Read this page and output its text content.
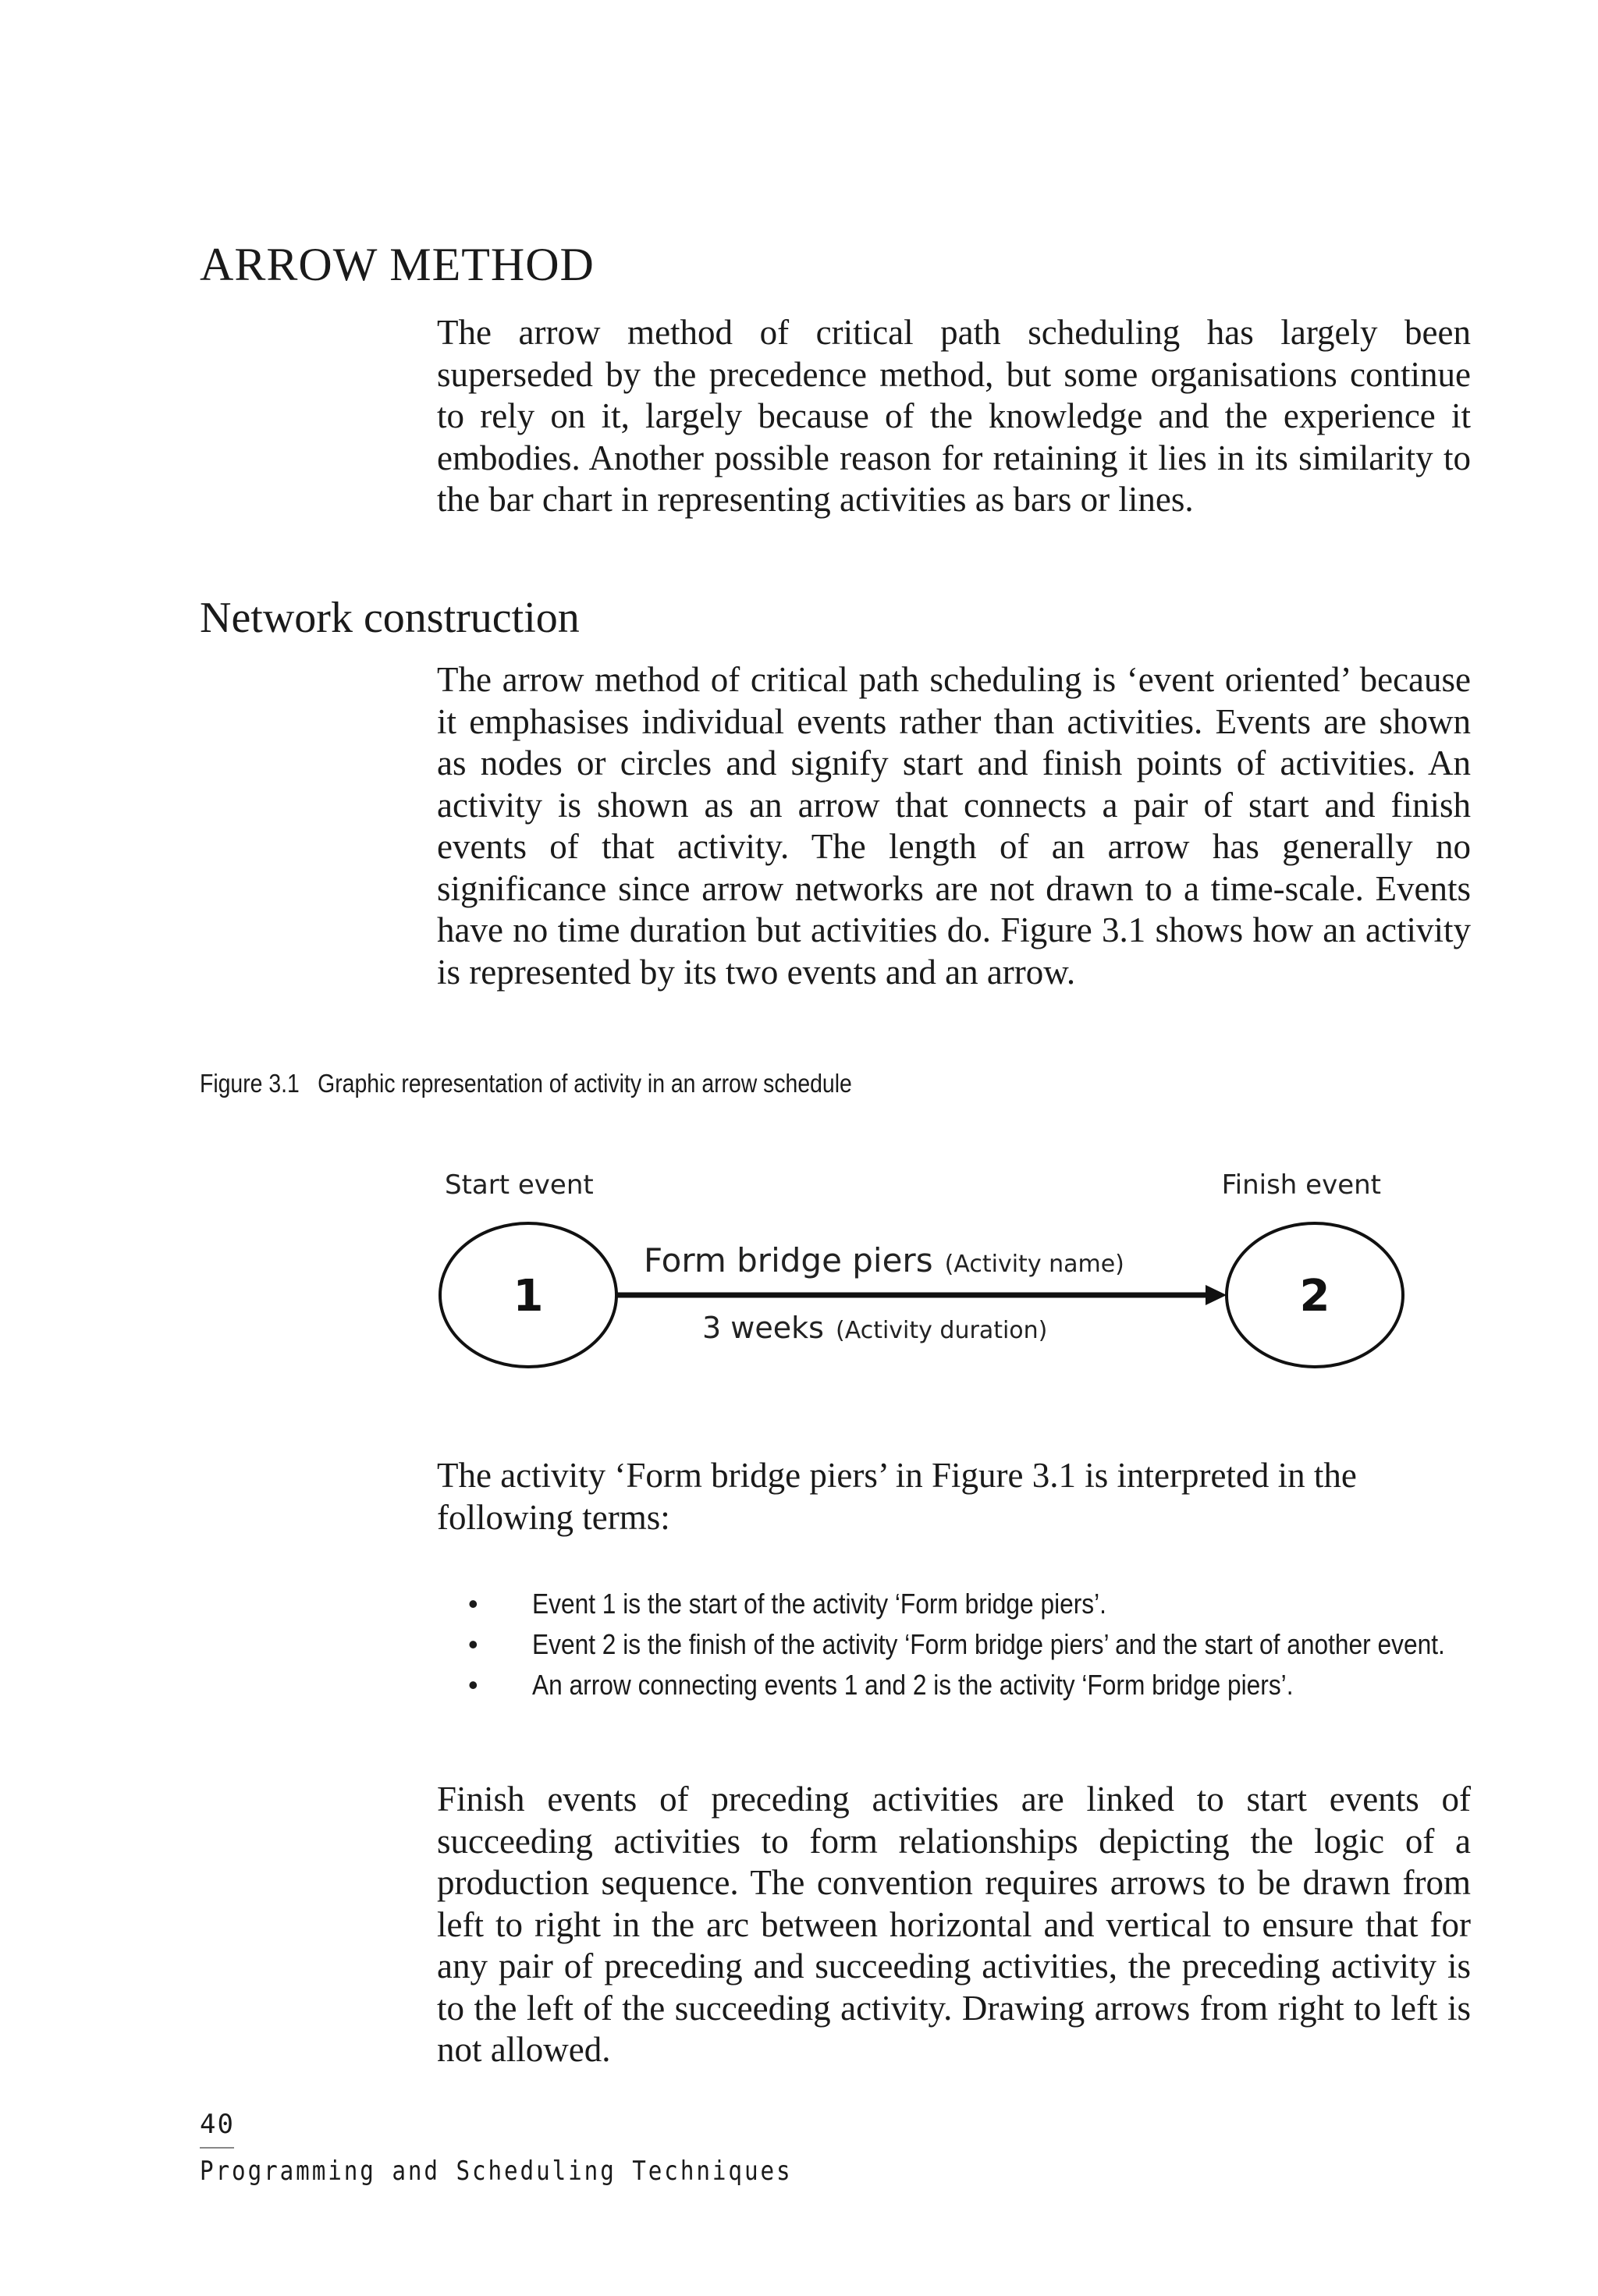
ARROW METHOD

The arrow method of critical path scheduling has largely been superseded by the precedence method, but some organisations continue to rely on it, largely because of the knowledge and the experience it embodies. Another possible reason for retaining it lies in its similarity to the bar chart in representing activities as bars or lines.

Network construction

The arrow method of critical path scheduling is ‘event oriented’ because it emphasises individual events rather than activities. Events are shown as nodes or circles and signify start and finish points of activities. An activity is shown as an arrow that connects a pair of start and finish events of that activity. The length of an arrow has generally no significance since arrow networks are not drawn to a time-scale. Events have no time duration but activities do. Figure 3.1 shows how an activity is represented by its two events and an arrow.

Figure 3.1 Graphic representation of activity in an arrow schedule
Start event	Finish event
1	2
Form bridge piers (Activity name)
3 weeks (Activity duration)

The activity ‘Form bridge piers’ in Figure 3.1 is interpreted in the following terms:

• Event 1 is the start of the activity ‘Form bridge piers’.
• Event 2 is the finish of the activity ‘Form bridge piers’ and the start of another event.
• An arrow connecting events 1 and 2 is the activity ‘Form bridge piers’.

Finish events of preceding activities are linked to start events of succeeding activities to form relationships depicting the logic of a production sequence. The convention requires arrows to be drawn from left to right in the arc between horizontal and vertical to ensure that for any pair of preceding and succeeding activities, the preceding activity is to the left of the succeeding activity. Drawing arrows from right to left is not allowed.

40
Programming and Scheduling Techniques
